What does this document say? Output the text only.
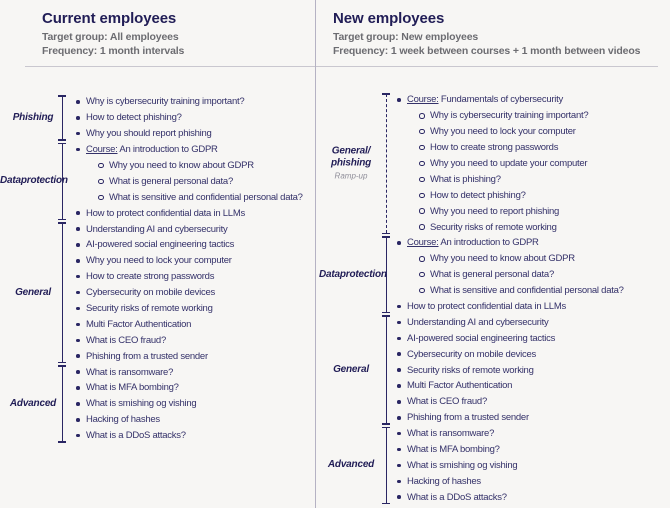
Current employees
Target group: All employees
Frequency: 1 month intervals
New employees
Target group: New employees
Frequency: 1 week between courses + 1 month between videos
Phishing
Why is cybersecurity training important?
How to detect phishing?
Why you should report phishing
Dataprotection
Course: An introduction to GDPR
Why you need to know about GDPR
What is general personal data?
What is sensitive and confidential personal data?
How to protect confidential data in LLMs
General
Understanding AI and cybersecurity
AI-powered social engineering tactics
Why you need to lock your computer
How to create strong passwords
Cybersecurity on mobile devices
Security risks of remote working
Multi Factor Authentication
What is CEO fraud?
Phishing from a trusted sender
Advanced
What is ransomware?
What is MFA bombing?
What is smishing og vishing
Hacking of hashes
What is a DDoS attacks?
General/
phishing
Ramp-up
Course: Fundamentals of cybersecurity
Why is cybersecurity training important?
Why you need to lock your computer
How to create strong passwords
Why you need to update your computer
What is phishing?
How to detect phishing?
Why you need to report phishing
Security risks of remote working
Dataprotection
Course: An introduction to GDPR
Why you need to know about GDPR
What is general personal data?
What is sensitive and confidential personal data?
How to protect confidential data in LLMs
General
Understanding AI and cybersecurity
AI-powered social engineering tactics
Cybersecurity on mobile devices
Security risks of remote working
Multi Factor Authentication
What is CEO fraud?
Phishing from a trusted sender
Advanced
What is ransomware?
What is MFA bombing?
What is smishing og vishing
Hacking of hashes
What is a DDoS attacks?
